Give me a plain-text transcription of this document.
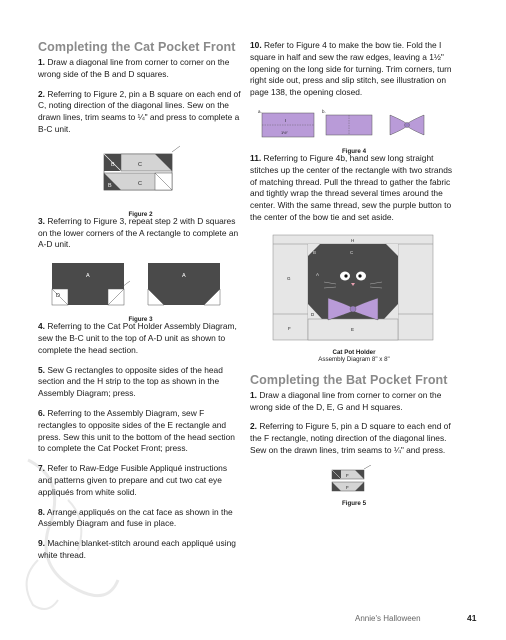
Completing the Cat Pocket Front

1. Draw a diagonal line from corner to corner on the wrong side of the B and D squares.

2. Referring to Figure 2, pin a B square on each end of C, noting direction of the diagonal lines. Sew on the drawn lines, trim seams to ¼" and press to complete a B-C unit.

B	C
C
B
Figure 2

3. Referring to Figure 3, repeat step 2 with D squares on the lower corners of the A rectangle to complete an A-D unit.

A
D
A
Figure 3

4. Referring to the Cat Pot Holder Assembly Diagram, sew the B-C unit to the top of A-D unit as shown to complete the head section.

5. Sew G rectangles to opposite sides of the head section and the H strip to the top as shown in the Assembly Diagram; press.

6. Referring to the Assembly Diagram, sew F rectangles to opposite sides of the E rectangle and press. Sew this unit to the bottom of the head section to complete the Cat Pocket Front; press.

7. Refer to Raw-Edge Fusible Appliqué instructions and patterns given to prepare and cut two cat eye appliqués from white solid.

8. Arrange appliqués on the cat face as shown in the Assembly Diagram and fuse in place.

9. Machine blanket-stitch around each appliqué using white thread.

10. Refer to Figure 4 to make the bow tie. Fold the I square in half and sew the raw edges, leaving a 1½" opening on the long side for turning. Trim corners, turn right side out, press and slip stitch, see illustration on page 138, the opening closed.

a.
I
1½"
b.
Figure 4

11. Referring to Figure 4b, hand sew long straight stitches up the center of the rectangle with two strands of matching thread. Pull the thread to gather the fabric and tightly wrap the thread several times around the center. With the same thread, sew the purple button to the center of the bow tie and set aside.

H
B	C
G
A
D
F	E
Cat Pot Holder
Assembly Diagram 8" x 8"
Completing the Bat Pocket Front

1. Draw a diagonal line from corner to corner on the wrong side of the D, E, G and H squares.

2. Referring to Figure 5, pin a D square to each end of the F rectangle, noting direction of the diagonal lines. Sew on the drawn lines, trim seams to ¼" and press.

F
F
Figure 5
Annie's Halloween	41
